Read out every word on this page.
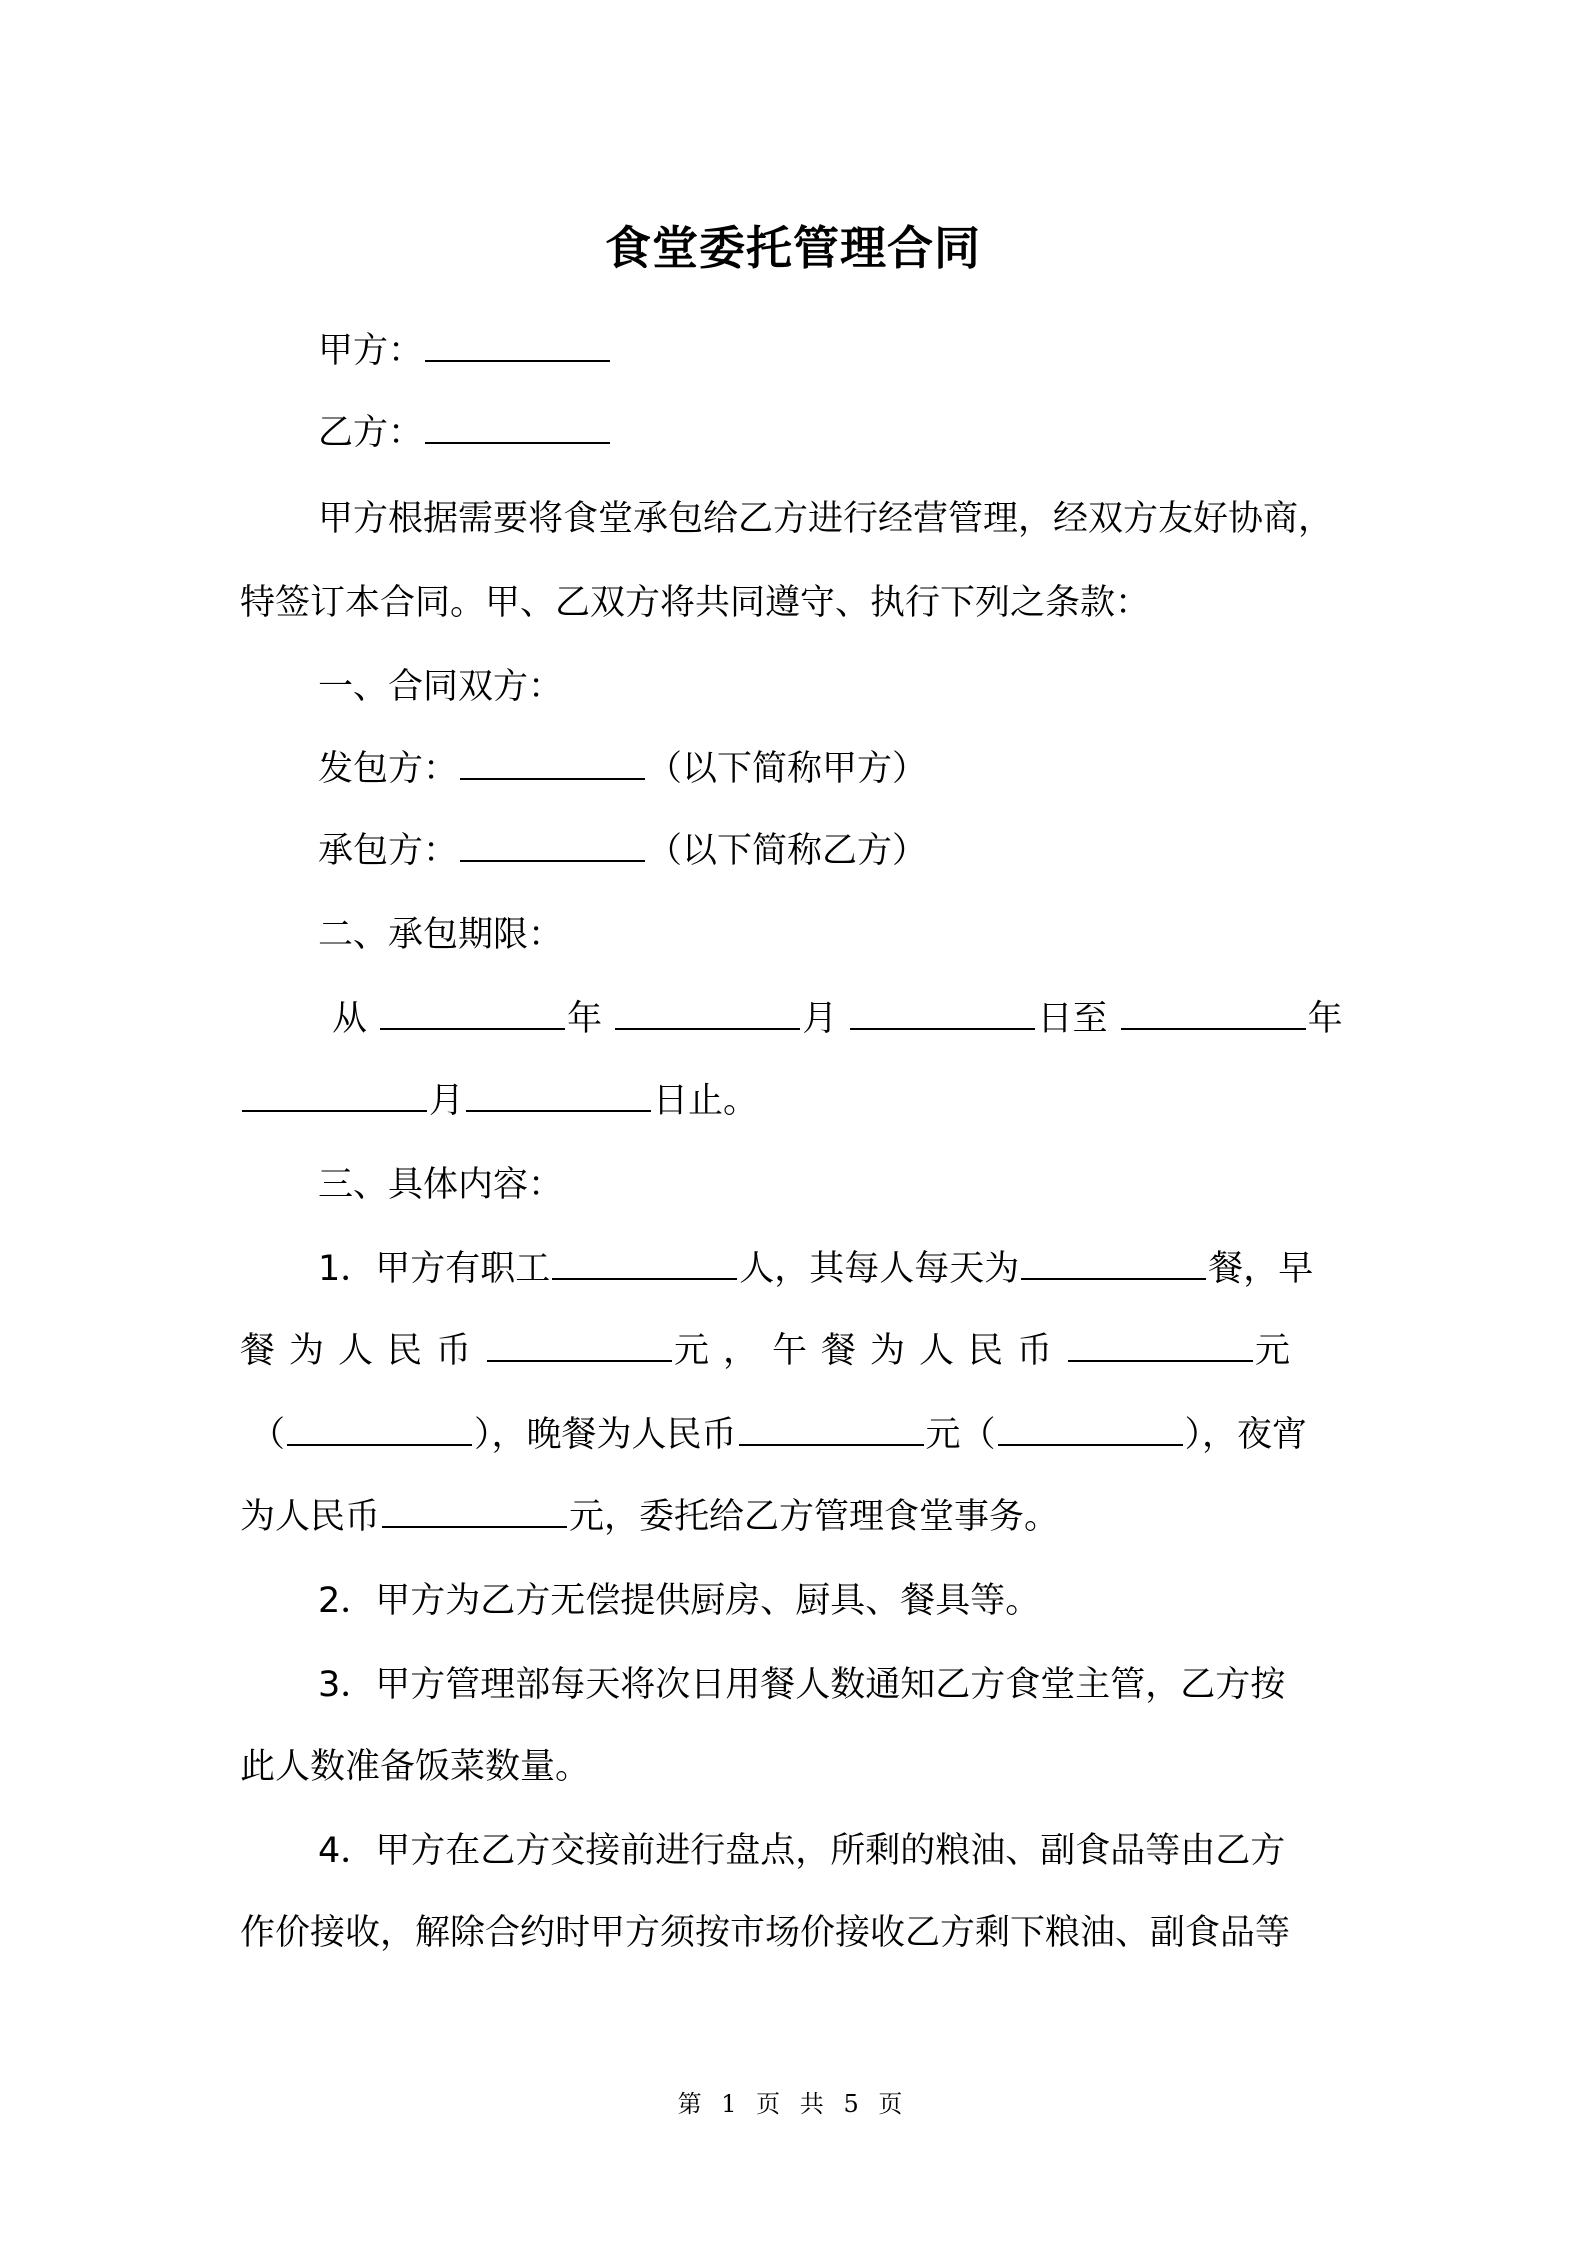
食堂委托管理合同
甲方：
乙方：
甲方根据需要将食堂承包给乙方进行经营管理，经双方友好协商，
特签订本合同。甲、乙双方将共同遵守、执行下列之条款：
一、合同双方：
发包方：	（以下简称甲方）
承包方：	（以下简称乙方）
二、承包期限：
从	年	月	日至	年
月	日止。
三、具体内容：
1．甲方有职工	人，其每人每天为	餐，早
餐为人民币	元，午餐为人民币	元
（	），晚餐为人民币	元（	），夜宵
为人民币	元，委托给乙方管理食堂事务。
2．甲方为乙方无偿提供厨房、厨具、餐具等。
3．甲方管理部每天将次日用餐人数通知乙方食堂主管，乙方按
此人数准备饭菜数量。
4．甲方在乙方交接前进行盘点，所剩的粮油、副食品等由乙方
作价接收，解除合约时甲方须按市场价接收乙方剩下粮油、副食品等
第 1 页 共 5 页
